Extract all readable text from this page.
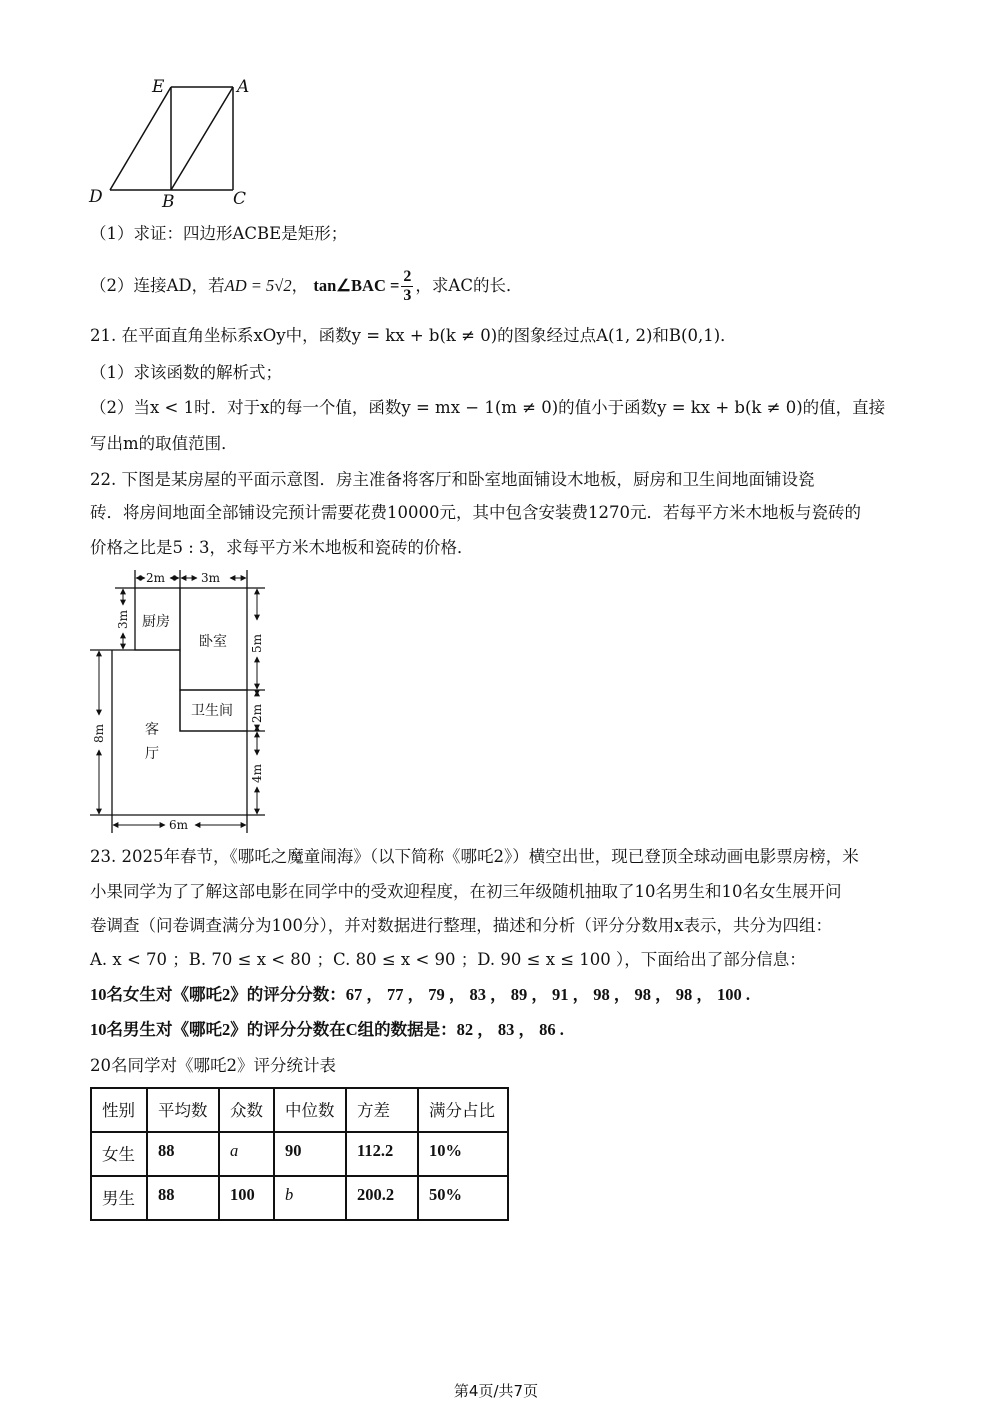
E	A
D	B	C
（1）求证：四边形ACBE是矩形；
（2）连接AD，若AD = 5√2， tan∠BAC = $\frac{2}{3}$ ，求AC的长．
21. 在平面直角坐标系xOy中，函数y = kx + b(k ≠ 0)的图象经过点A(1, 2)和B(0,1)．
（1）求该函数的解析式；
（2）当x < 1时．对于x的每一个值，函数y = mx − 1(m ≠ 0)的值小于函数y = kx + b(k ≠ 0)的值，直接
写出m的取值范围．
22. 下图是某房屋的平面示意图．房主准备将客厅和卧室地面铺设木地板，厨房和卫生间地面铺设瓷
砖．将房间地面全部铺设完预计需要花费10000元，其中包含安装费1270元．若每平方米木地板与瓷砖的
价格之比是5 : 3，求每平方米木地板和瓷砖的价格．
厨房
卧室
卫生间
客
厅
2m	3m
6m
3m
8m
5m
2m
4m
23. 2025年春节，《哪吒之魔童闹海》（以下简称《哪吒2》）横空出世，现已登顶全球动画电影票房榜，米
小果同学为了了解这部电影在同学中的受欢迎程度，在初三年级随机抽取了10名男生和10名女生展开问
卷调查（问卷调查满分为100分），并对数据进行整理，描述和分析（评分分数用x表示，共分为四组：
A. x < 70 ；B. 70 ≤ x < 80 ；C. 80 ≤ x < 90 ；D. 90 ≤ x ≤ 100 ），下面给出了部分信息：
10名女生对《哪吒2》的评分分数：67 ， 77 ， 79 ， 83 ， 89 ， 91 ， 98 ， 98 ， 98 ， 100 .
10名男生对《哪吒2》的评分分数在C组的数据是：82 ， 83 ， 86 .
20名同学对《哪吒2》评分统计表
性别	平均数	众数	中位数	方差	满分占比
女生	88	a	90	112.2	10%
男生	88	100	b	200.2	50%
第4页/共7页
